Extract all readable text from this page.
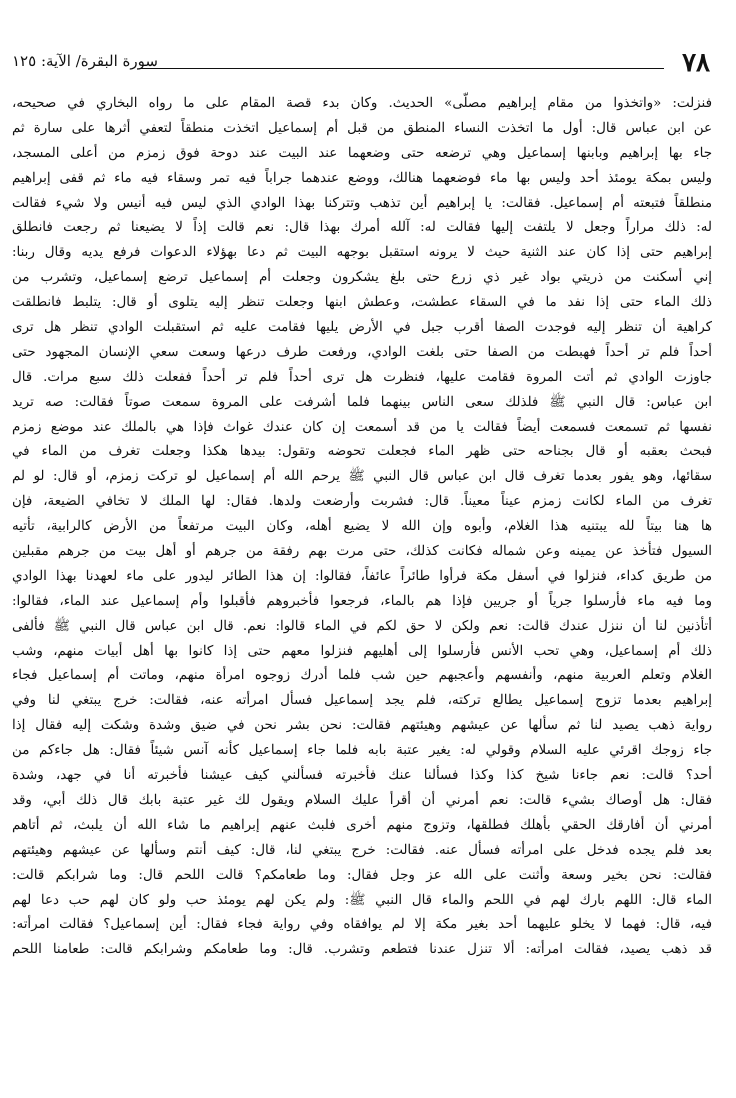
٧٨
سورة البقرة/ الآية: ١٢٥
فنزلت: «واتخذوا من مقام إبراهيم مصلّى» الحديث. وكان بدء قصة المقام على ما رواه البخاري في صحيحه،
عن ابن عباس قال: أول ما اتخذت النساء المنطق من قبل أم إسماعيل اتخذت منطقاً لتعفي أثرها على سارة ثم
جاء بها إبراهيم وبابنها إسماعيل وهي ترضعه حتى وضعهما عند البيت عند دوحة فوق زمزم من أعلى المسجد،
وليس بمكة يومئذ أحد وليس بها ماء فوضعهما هنالك، ووضع عندهما جراباً فيه تمر وسقاء فيه ماء ثم قفى إبراهيم
منطلقاً فتبعته أم إسماعيل. فقالت: يا إبراهيم أين تذهب وتتركنا بهذا الوادي الذي ليس فيه أنيس ولا شيء فقالت
له: ذلك مراراً وجعل لا يلتفت إليها فقالت له: آلله أمرك بهذا قال: نعم قالت إذاً لا يضيعنا ثم رجعت فانطلق
إبراهيم حتى إذا كان عند الثنية حيث لا يرونه استقبل بوجهه البيت ثم دعا بهؤلاء الدعوات فرفع يديه وقال ربنا:
إني أسكنت من ذريتي بواد غير ذي زرع حتى بلغ يشكرون وجعلت أم إسماعيل ترضع إسماعيل، وتشرب من
ذلك الماء حتى إذا نفد ما في السقاء عطشت، وعطش ابنها وجعلت تنظر إليه يتلوى أو قال: يتلبط فانطلقت
كراهية أن تنظر إليه فوجدت الصفا أقرب جبل في الأرض يليها فقامت عليه ثم استقبلت الوادي تنظر هل ترى
أحداً فلم تر أحداً فهبطت من الصفا حتى بلغت الوادي، ورفعت طرف درعها وسعت سعي الإنسان المجهود حتى
جاوزت الوادي ثم أتت المروة فقامت عليها، فنظرت هل ترى أحداً فلم تر أحداً ففعلت ذلك سبع مرات. قال
ابن عباس: قال النبي ﷺ فلذلك سعى الناس بينهما فلما أشرفت على المروة سمعت صوتاً فقالت: صه تريد
نفسها ثم تسمعت فسمعت أيضاً فقالت يا من قد أسمعت إن كان عندك غواث فإذا هي بالملك عند موضع زمزم
فبحث بعقبه أو قال بجناحه حتى ظهر الماء فجعلت تحوضه وتقول: بيدها هكذا وجعلت تغرف من الماء في
سقائها، وهو يفور بعدما تغرف قال ابن عباس قال النبي ﷺ يرحم الله أم إسماعيل لو تركت زمزم، أو قال: لو لم
تغرف من الماء لكانت زمزم عيناً معيناً. قال: فشربت وأرضعت ولدها. فقال: لها الملك لا تخافي الضيعة، فإن
ها هنا بيتاً لله يبتنيه هذا الغلام، وأبوه وإن الله لا يضيع أهله، وكان البيت مرتفعاً من الأرض كالرابية، تأتيه
السيول فتأخذ عن يمينه وعن شماله فكانت كذلك، حتى مرت بهم رفقة من جرهم أو أهل بيت من جرهم مقبلين
من طريق كداء، فنزلوا في أسفل مكة فرأوا طائراً عائفاً، فقالوا: إن هذا الطائر ليدور على ماء لعهدنا بهذا الوادي
وما فيه ماء فأرسلوا جرياً أو جريين فإذا هم بالماء، فرجعوا فأخبروهم فأقبلوا وأم إسماعيل عند الماء، فقالوا:
أتأذنين لنا أن ننزل عندك قالت: نعم ولكن لا حق لكم في الماء قالوا: نعم. قال ابن عباس قال النبي ﷺ فألفى
ذلك أم إسماعيل، وهي تحب الأنس فأرسلوا إلى أهليهم فنزلوا معهم حتى إذا كانوا بها أهل أبيات منهم، وشب
الغلام وتعلم العربية منهم، وأنفسهم وأعجبهم حين شب فلما أدرك زوجوه امرأة منهم، وماتت أم إسماعيل فجاء
إبراهيم بعدما تزوج إسماعيل يطالع تركته، فلم يجد إسماعيل فسأل امرأته عنه، فقالت: خرج يبتغي لنا وفي
رواية ذهب يصيد لنا ثم سألها عن عيشهم وهيئتهم فقالت: نحن بشر نحن في ضيق وشدة وشكت إليه فقال إذا
جاء زوجك اقرئي عليه السلام وقولي له: يغير عتبة بابه فلما جاء إسماعيل كأنه آنس شيئاً فقال: هل جاءكم من
أحد؟ قالت: نعم جاءنا شيخ كذا وكذا فسألنا عنك فأخبرته فسألني كيف عيشنا فأخبرته أنا في جهد، وشدة
فقال: هل أوصاك بشيء قالت: نعم أمرني أن أقرأ عليك السلام ويقول لك غير عتبة بابك قال ذلك أبي، وقد
أمرني أن أفارقك الحقي بأهلك فطلقها، وتزوج منهم أخرى فلبث عنهم إبراهيم ما شاء الله أن يلبث، ثم أتاهم
بعد فلم يجده فدخل على امرأته فسأل عنه. فقالت: خرج يبتغي لنا، قال: كيف أنتم وسألها عن عيشهم وهيئتهم
فقالت: نحن بخير وسعة وأثنت على الله عز وجل فقال: وما طعامكم؟ قالت اللحم قال: وما شرابكم قالت:
الماء قال: اللهم بارك لهم في اللحم والماء قال النبي ﷺ: ولم يكن لهم يومئذ حب ولو كان لهم حب دعا لهم
فيه، قال: فهما لا يخلو عليهما أحد بغير مكة إلا لم يوافقاه وفي رواية فجاء فقال: أين إسماعيل؟ فقالت امرأته:
قد ذهب يصيد، فقالت امرأته: ألا تنزل عندنا فتطعم وتشرب. قال: وما طعامكم وشرابكم قالت: طعامنا اللحم
